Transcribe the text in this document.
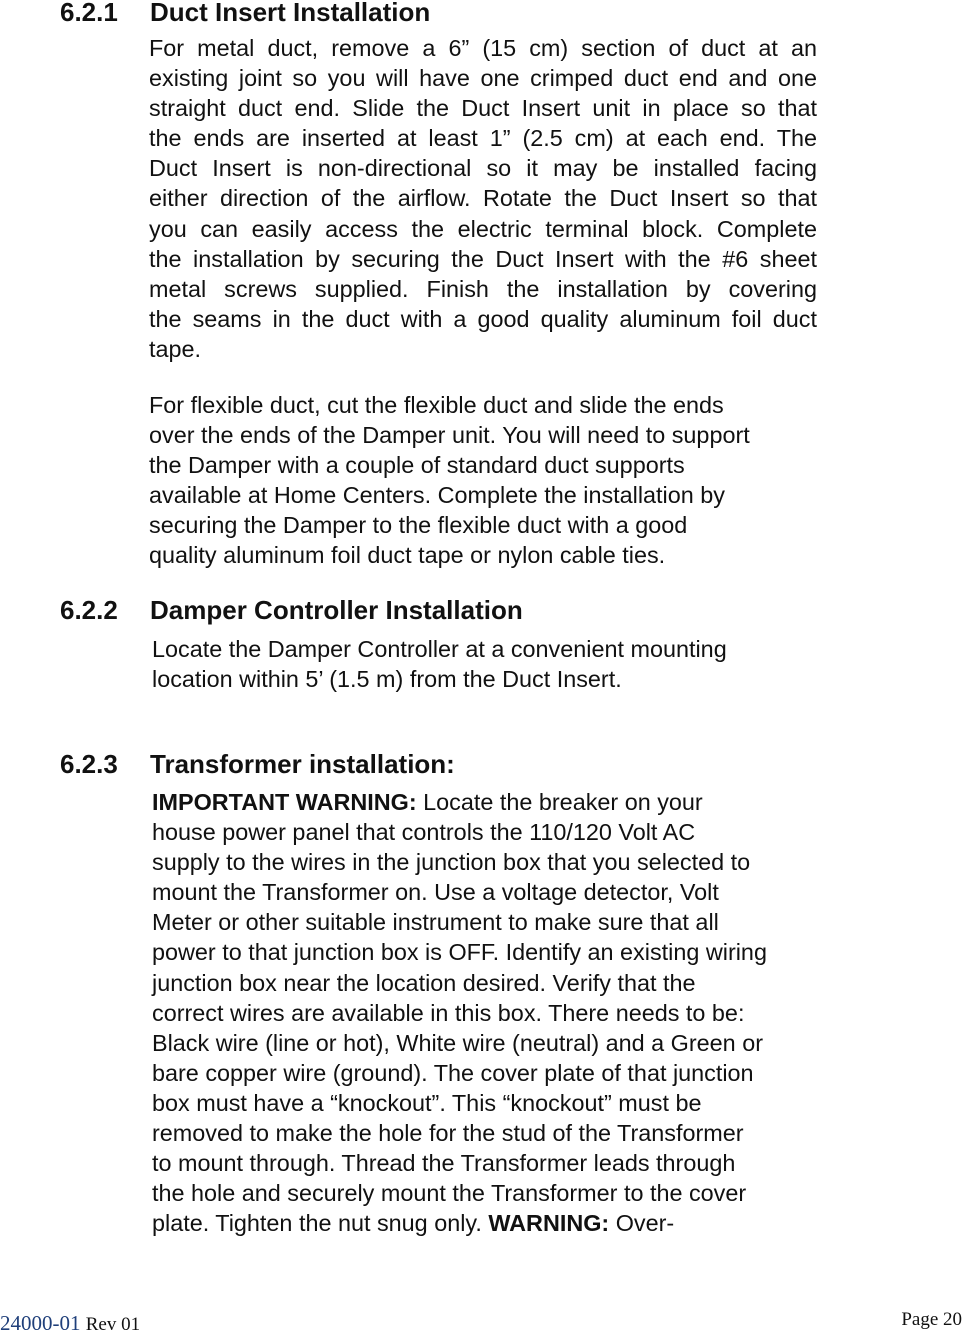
6.2.1 Duct Insert Installation
For metal duct, remove a 6” (15 cm) section of duct at an
existing joint so you will have one crimped duct end and one
straight duct end. Slide the Duct Insert unit in place so that
the ends are inserted at least 1” (2.5 cm) at each end. The
Duct Insert is non-directional so it may be installed facing
either direction of the airflow. Rotate the Duct Insert so that
you can easily access the electric terminal block. Complete
the installation by securing the Duct Insert with the #6 sheet
metal screws supplied. Finish the installation by covering
the seams in the duct with a good quality aluminum foil duct
tape.
For flexible duct, cut the flexible duct and slide the ends
over the ends of the Damper unit. You will need to support
the Damper with a couple of standard duct supports
available at Home Centers. Complete the installation by
securing the Damper to the flexible duct with a good
quality aluminum foil duct tape or nylon cable ties.
6.2.2 Damper Controller Installation
Locate the Damper Controller at a convenient mounting
location within 5’ (1.5 m) from the Duct Insert.
6.2.3 Transformer installation:
IMPORTANT WARNING: Locate the breaker on your
house power panel that controls the 110/120 Volt AC
supply to the wires in the junction box that you selected to
mount the Transformer on. Use a voltage detector, Volt
Meter or other suitable instrument to make sure that all
power to that junction box is OFF. Identify an existing wiring
junction box near the location desired. Verify that the
correct wires are available in this box. There needs to be:
Black wire (line or hot), White wire (neutral) and a Green or
bare copper wire (ground). The cover plate of that junction
box must have a “knockout”. This “knockout” must be
removed to make the hole for the stud of the Transformer
to mount through. Thread the Transformer leads through
the hole and securely mount the Transformer to the cover
plate. Tighten the nut snug only. WARNING: Over-
24000-01 Rev 01	Page 20
